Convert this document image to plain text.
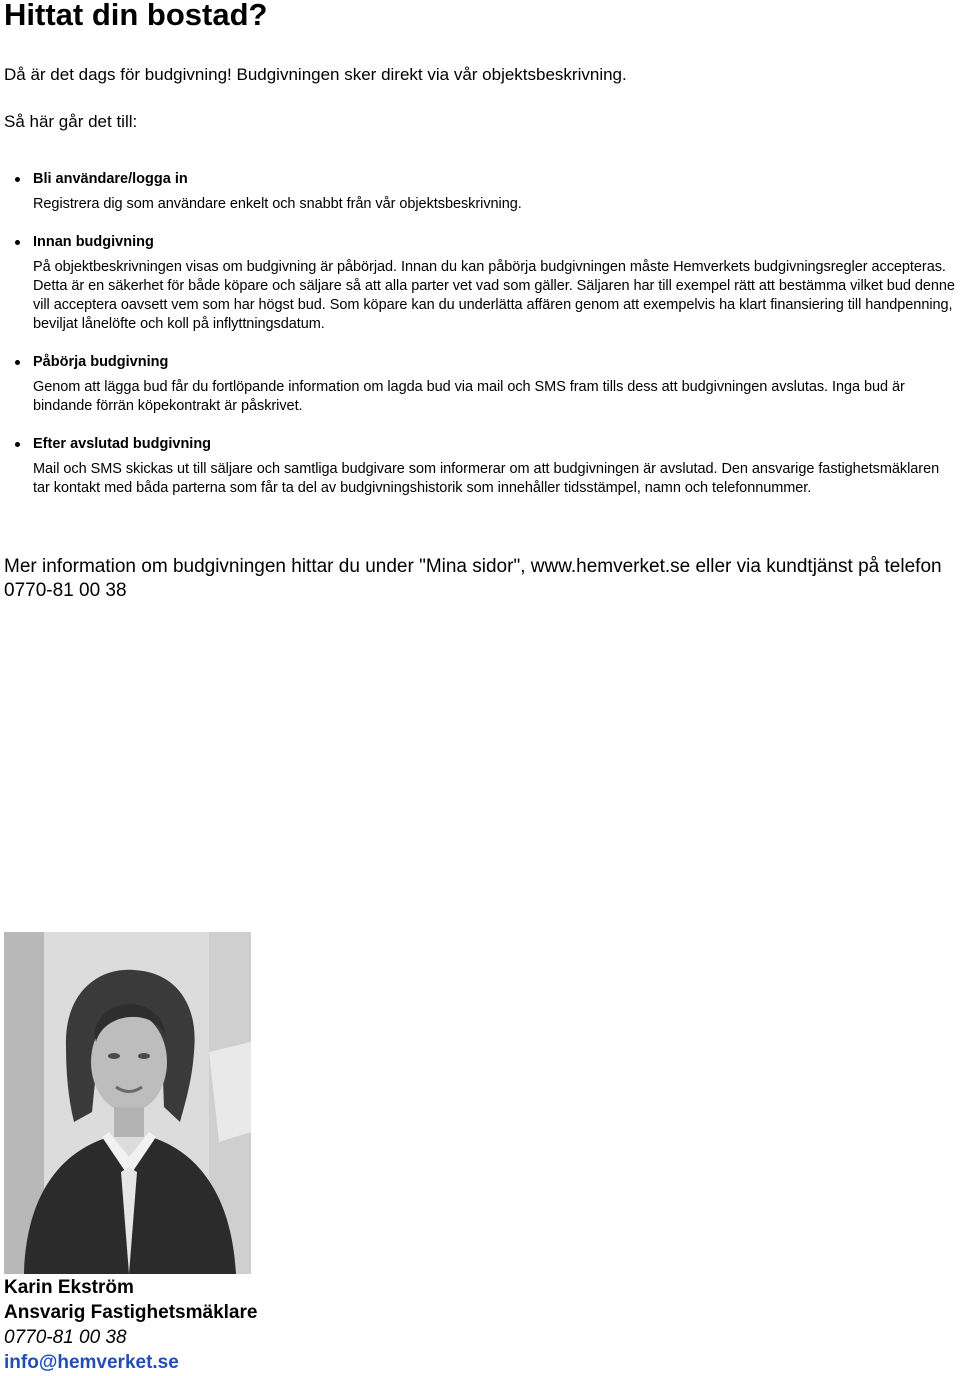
Hittat din bostad?

Då är det dags för budgivning! Budgivningen sker direkt via vår objektsbeskrivning.

Så här går det till:

Bli användare/logga in
Registrera dig som användare enkelt och snabbt från vår objektsbeskrivning.
Innan budgivning
På objektbeskrivningen visas om budgivning är påbörjad. Innan du kan påbörja budgivningen måste Hemverkets budgivningsregler accepteras. Detta är en säkerhet för både köpare och säljare så att alla parter vet vad som gäller. Säljaren har till exempel rätt att bestämma vilket bud denne vill acceptera oavsett vem som har högst bud. Som köpare kan du underlätta affären genom att exempelvis ha klart finansiering till handpenning, beviljat lånelöfte och koll på inflyttningsdatum.
Påbörja budgivning
Genom att lägga bud får du fortlöpande information om lagda bud via mail och SMS fram tills dess att budgivningen avslutas. Inga bud är bindande förrän köpekontrakt är påskrivet.
Efter avslutad budgivning
Mail och SMS skickas ut till säljare och samtliga budgivare som informerar om att budgivningen är avslutad. Den ansvarige fastighetsmäklaren tar kontakt med båda parterna som får ta del av budgivningshistorik som innehåller tidsstämpel, namn och telefonnummer.

Mer information om budgivningen hittar du under "Mina sidor", www.hemverket.se eller via kundtjänst på telefon 0770-81 00 38

Karin Ekström

Ansvarig Fastighetsmäklare

0770-81 00 38

info@hemverket.se
